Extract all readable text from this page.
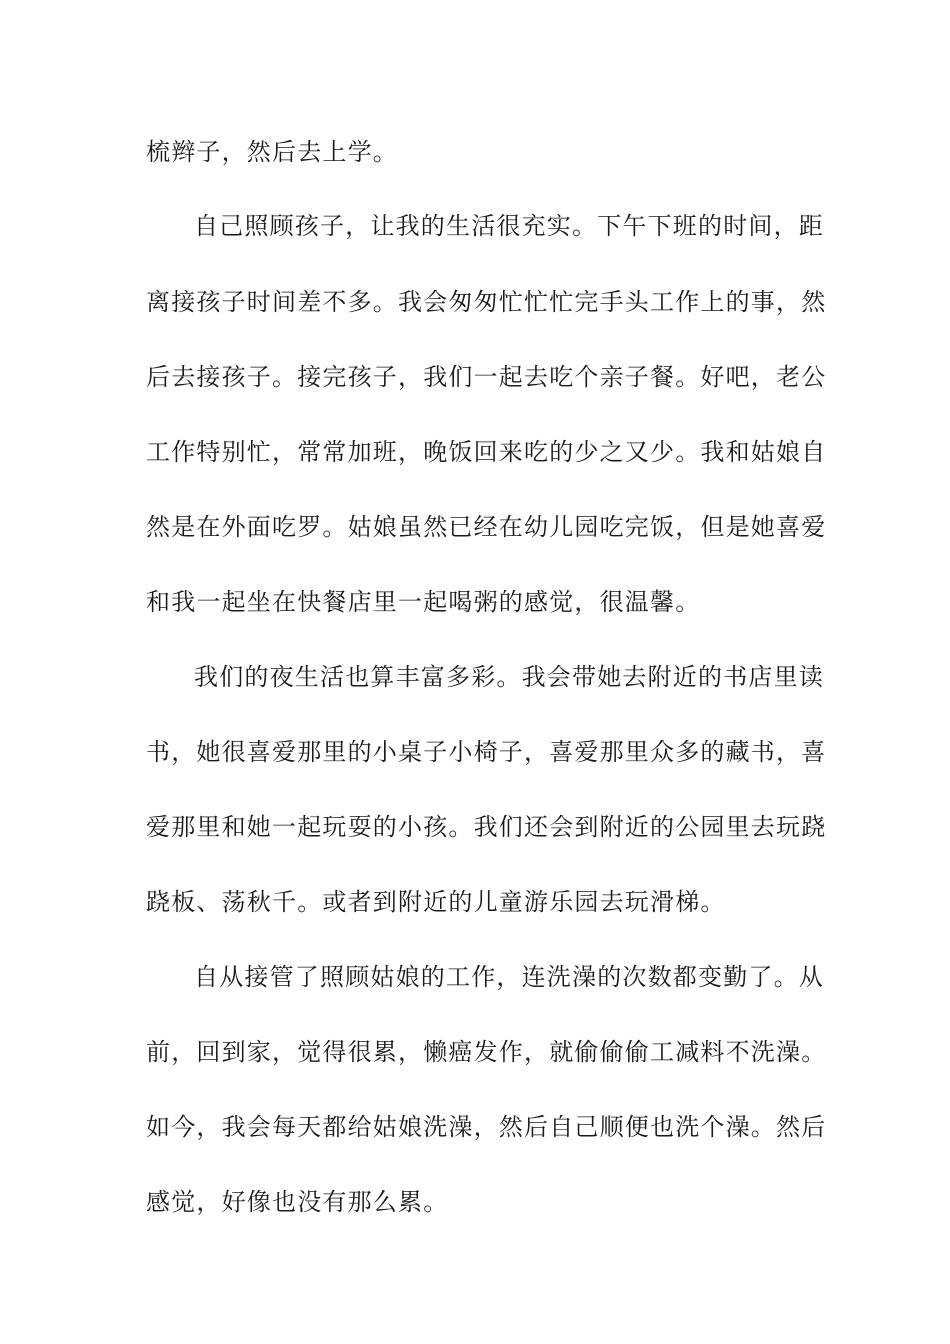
梳辫子，然后去上学。
自己照顾孩子，让我的生活很充实。下午下班的时间，距
离接孩子时间差不多。我会匆匆忙忙忙完手头工作上的事，然
后去接孩子。接完孩子，我们一起去吃个亲子餐。好吧，老公
工作特别忙，常常加班，晚饭回来吃的少之又少。我和姑娘自
然是在外面吃罗。姑娘虽然已经在幼儿园吃完饭，但是她喜爱
和我一起坐在快餐店里一起喝粥的感觉，很温馨。
我们的夜生活也算丰富多彩。我会带她去附近的书店里读
书，她很喜爱那里的小桌子小椅子，喜爱那里众多的藏书，喜
爱那里和她一起玩耍的小孩。我们还会到附近的公园里去玩跷
跷板、荡秋千。或者到附近的儿童游乐园去玩滑梯。
自从接管了照顾姑娘的工作，连洗澡的次数都变勤了。从
前，回到家，觉得很累，懒癌发作，就偷偷偷工减料不洗澡。
如今，我会每天都给姑娘洗澡，然后自己顺便也洗个澡。然后
感觉，好像也没有那么累。
